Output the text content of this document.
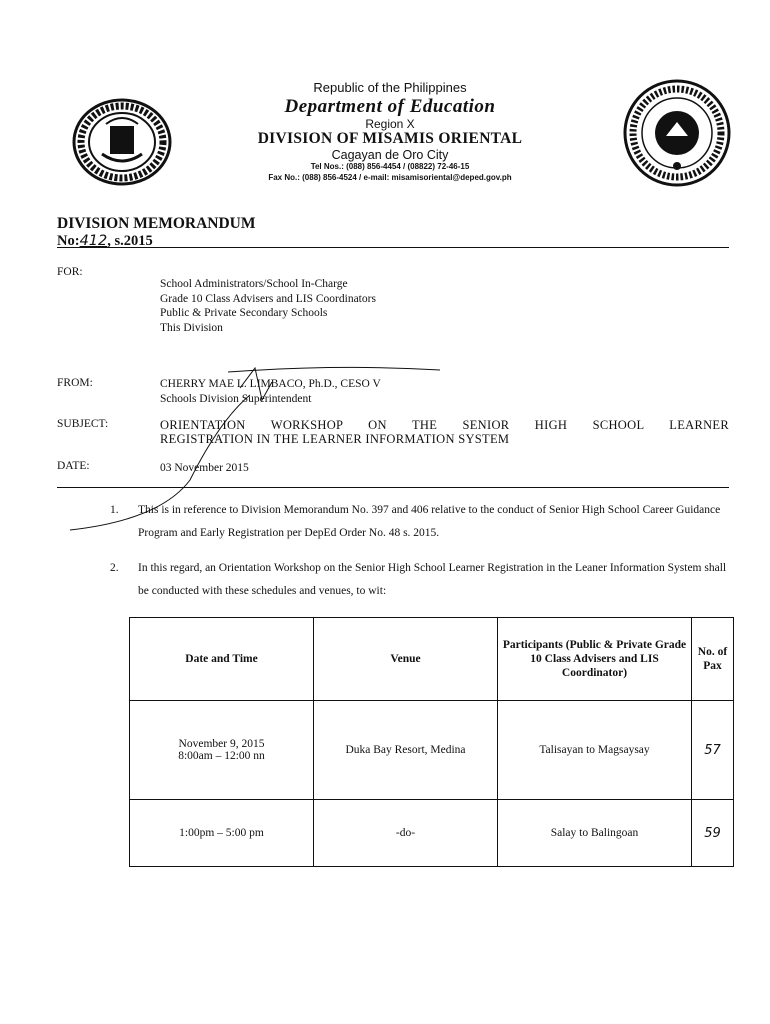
Republic of the Philippines
Department of Education
Region X
DIVISION OF MISAMIS ORIENTAL
Cagayan de Oro City
Tel Nos.: (088) 856-4454 / (08822) 72-46-15
Fax No.: (088) 856-4524 / e-mail: misamisoriental@deped.gov.ph
DIVISION MEMORANDUM
No:412, s.2015
FOR:
School Administrators/School In-Charge
Grade 10 Class Advisers and LIS Coordinators
Public & Private Secondary Schools
This Division
FROM:	CHERRY MAE L. LIMBACO, Ph.D., CESO V
Schools Division Superintendent
SUBJECT:	ORIENTATION WORKSHOP ON THE SENIOR HIGH SCHOOL LEARNER
REGISTRATION IN THE LEARNER INFORMATION SYSTEM
DATE:	03 November 2015
1. This is in reference to Division Memorandum No. 397 and 406 relative to the conduct of Senior High School Career Guidance Program and Early Registration per DepEd Order No. 48 s. 2015.
2. In this regard, an Orientation Workshop on the Senior High School Learner Registration in the Leaner Information System shall be conducted with these schedules and venues, to wit:
Date and Time	Venue	Participants (Public & Private Grade 10 Class Advisers and LIS Coordinator)	No. of Pax

November 9, 2015
8:00am – 12:00 nn	Duka Bay Resort, Medina	Talisayan to Magsaysay	57

1:00pm – 5:00 pm	-do-	Salay to Balingoan	59
